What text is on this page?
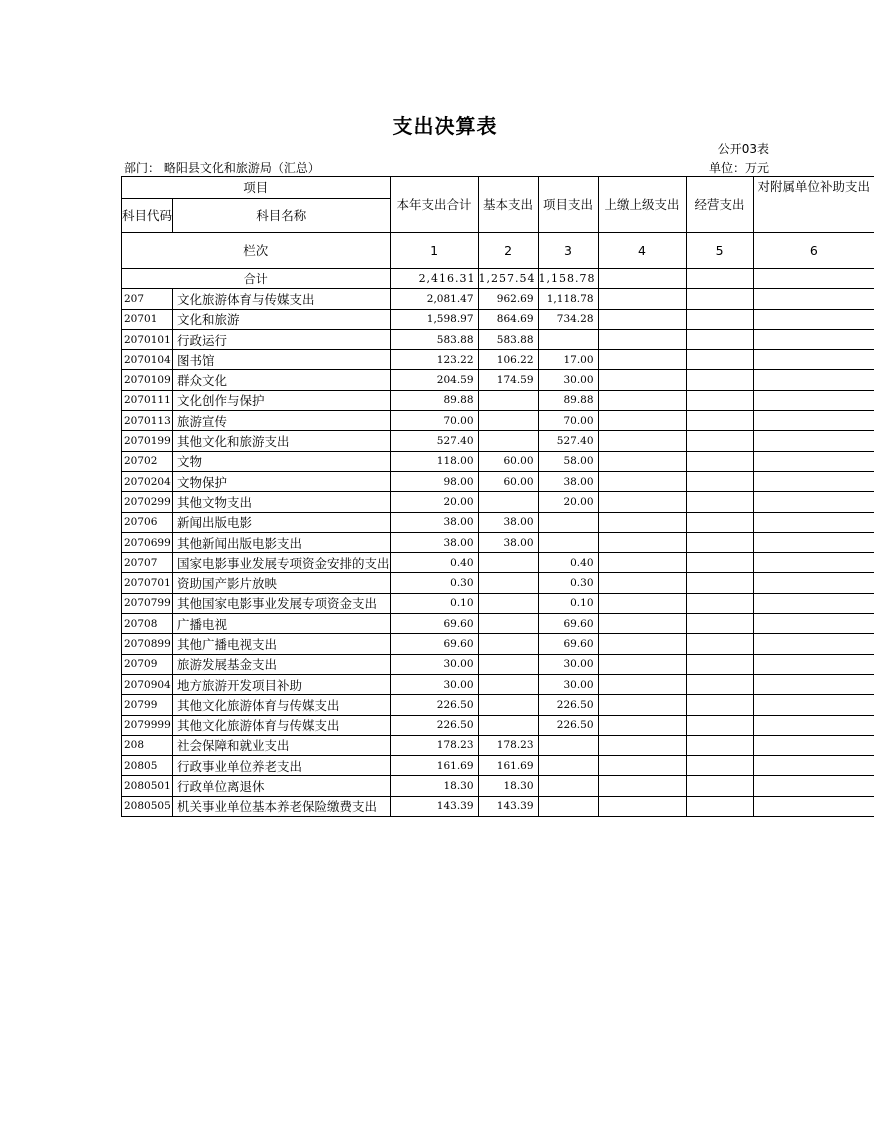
支出决算表
公开03表
部门： 略阳县文化和旅游局（汇总）	单位：万元
项目		本年支出合计	基本支出	项目支出	上缴上级支出	经营支出	对附属单位补助支出

科目代码	科目名称						
栏次		1	2	3	4	5	6
合计		2,416.31	1,257.54	1,158.78			
207	文化旅游体育与传媒支出	2,081.47	962.69	1,118.78			
20701	文化和旅游	1,598.97	864.69	734.28			
2070101	行政运行	583.88	583.88				
2070104	图书馆	123.22	106.22	17.00			
2070109	群众文化	204.59	174.59	30.00			
2070111	文化创作与保护	89.88		89.88			
2070113	旅游宣传	70.00		70.00			
2070199	其他文化和旅游支出	527.40		527.40			
20702	文物	118.00	60.00	58.00			
2070204	文物保护	98.00	60.00	38.00			
2070299	其他文物支出	20.00		20.00			
20706	新闻出版电影	38.00	38.00				
2070699	其他新闻出版电影支出	38.00	38.00				
20707	国家电影事业发展专项资金安排的支出	0.40		0.40			
2070701	资助国产影片放映	0.30		0.30			
2070799	其他国家电影事业发展专项资金支出	0.10		0.10			
20708	广播电视	69.60		69.60			
2070899	其他广播电视支出	69.60		69.60			
20709	旅游发展基金支出	30.00		30.00			
2070904	地方旅游开发项目补助	30.00		30.00			
20799	其他文化旅游体育与传媒支出	226.50		226.50			
2079999	其他文化旅游体育与传媒支出	226.50		226.50			
208	社会保障和就业支出	178.23	178.23				
20805	行政事业单位养老支出	161.69	161.69				
2080501	行政单位离退休	18.30	18.30				
2080505	机关事业单位基本养老保险缴费支出	143.39	143.39				
